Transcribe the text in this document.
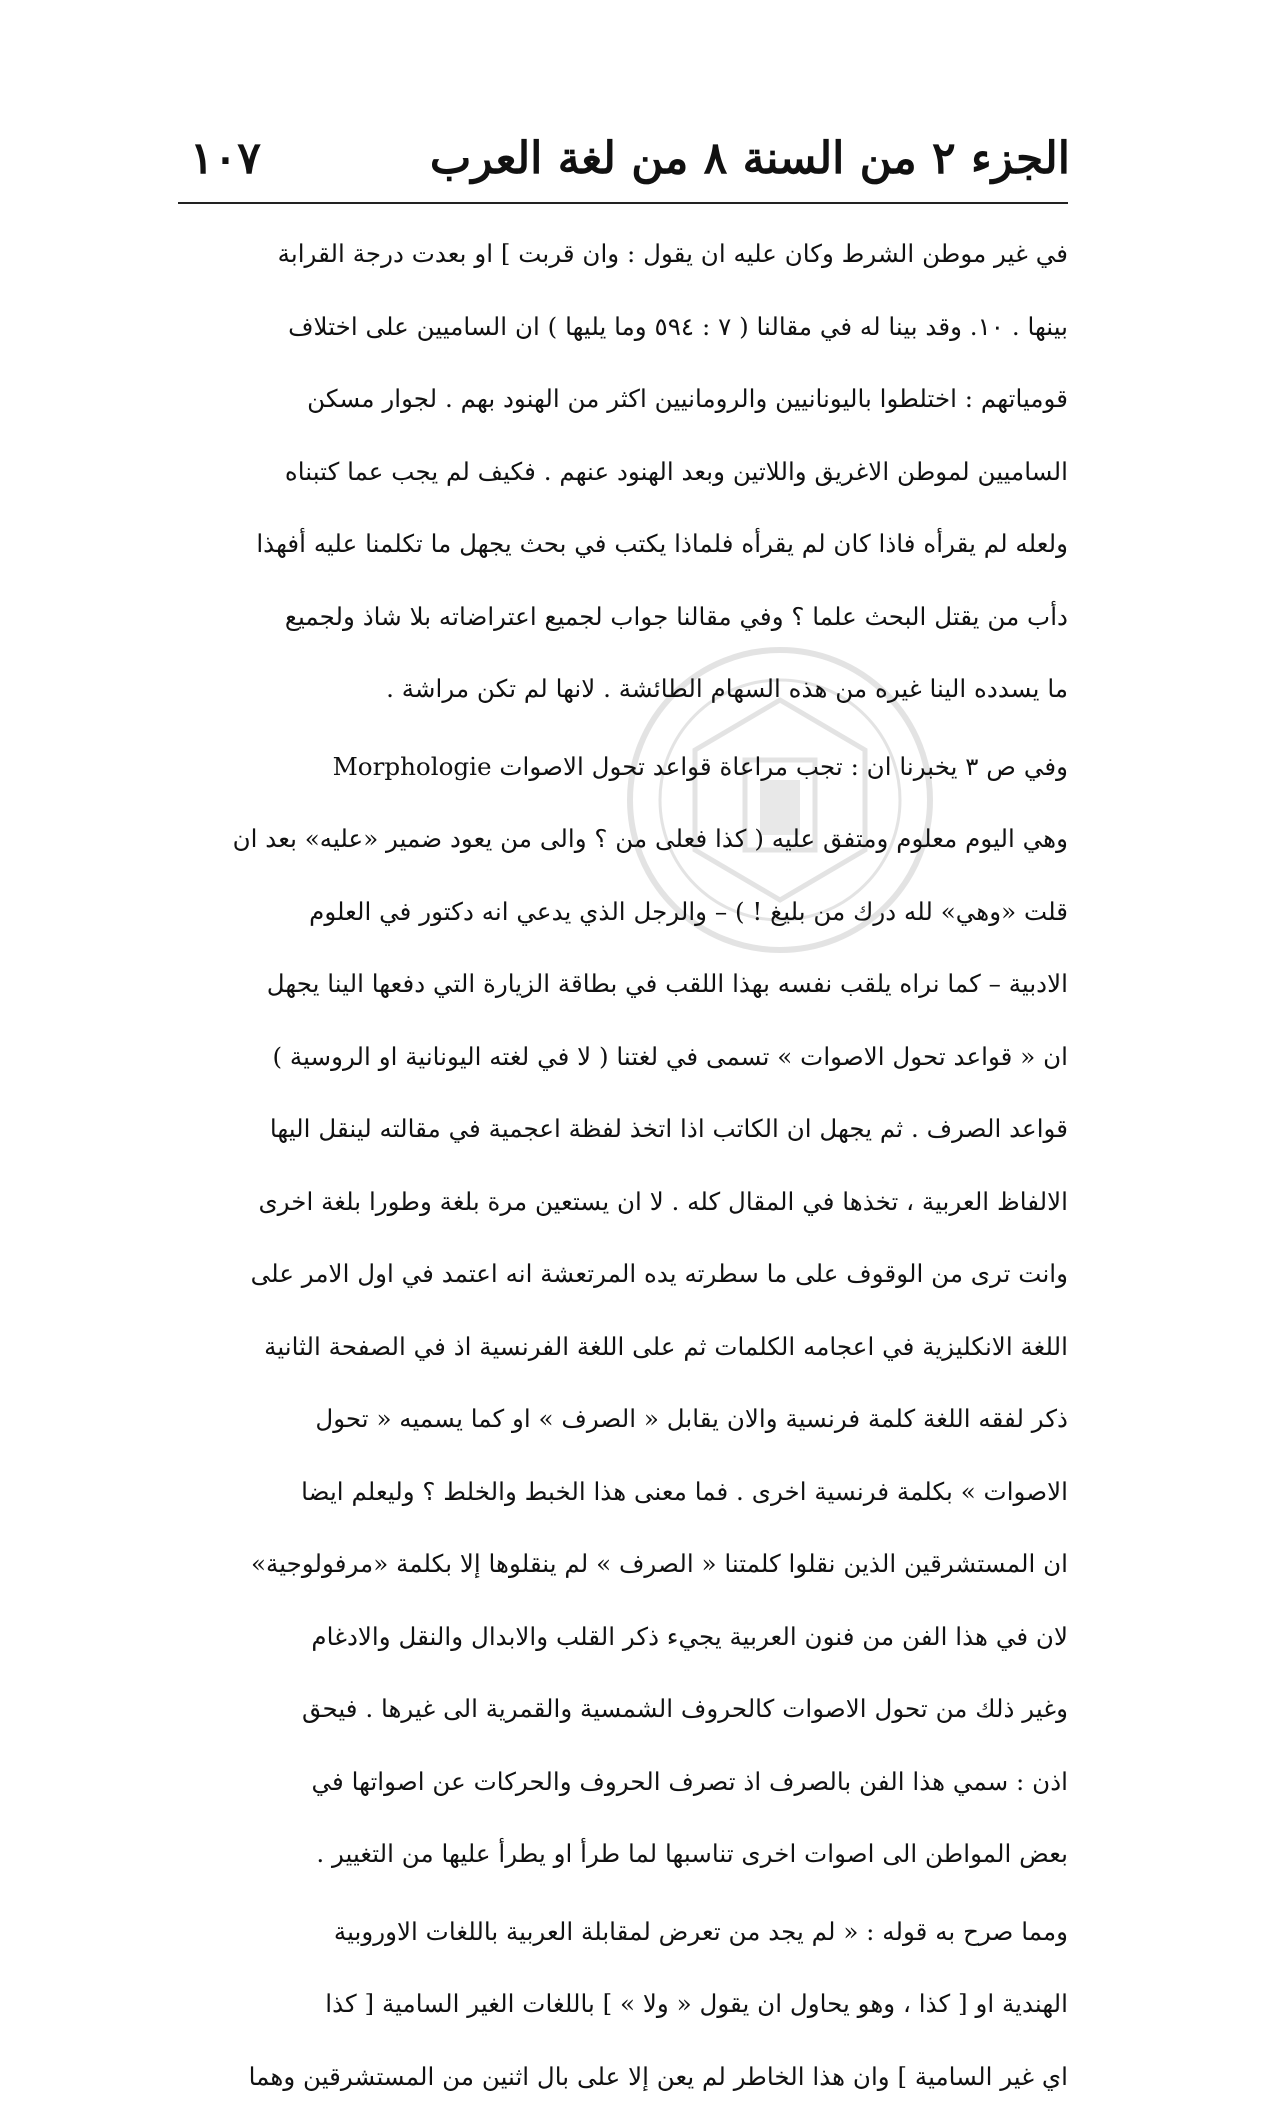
١٠٧	الجزء ٢ من السنة ٨ من لغة العرب
في غير موطن الشرط وكان عليه ان يقول : وان قربت ] او بعدت درجة القرابة
بينها . ١٠. وقد بينا له في مقالنا ( ٧ : ٥٩٤ وما يليها ) ان الساميين على اختلاف
قومياتهم : اختلطوا باليونانيين والرومانيين اكثر من الهنود بهم . لجوار مسكن
الساميين لموطن الاغريق واللاتين وبعد الهنود عنهم . فكيف لم يجب عما كتبناه
ولعله لم يقرأه فاذا كان لم يقرأه فلماذا يكتب في بحث يجهل ما تكلمنا عليه أفهذا
دأب من يقتل البحث علما ؟ وفي مقالنا جواب لجميع اعتراضاته بلا شاذ ولجميع
ما يسدده الينا غيره من هذه السهام الطائشة . لانها لم تكن مراشة .
وفي ص ٣ يخبرنا ان : تجب مراعاة قواعد تحول الاصوات Morphologie
وهي اليوم معلوم ومتفق عليه ( كذا فعلى من ؟ والى من يعود ضمير «عليه» بعد ان
قلت «وهي» لله درك من بليغ ! ) – والرجل الذي يدعي انه دكتور في العلوم
الادبية – كما نراه يلقب نفسه بهذا اللقب في بطاقة الزيارة التي دفعها الينا يجهل
ان « قواعد تحول الاصوات » تسمى في لغتنا ( لا في لغته اليونانية او الروسية )
قواعد الصرف . ثم يجهل ان الكاتب اذا اتخذ لفظة اعجمية في مقالته لينقل اليها
الالفاظ العربية ، تخذها في المقال كله . لا ان يستعين مرة بلغة وطورا بلغة اخرى
وانت ترى من الوقوف على ما سطرته يده المرتعشة انه اعتمد في اول الامر على
اللغة الانكليزية في اعجامه الكلمات ثم على اللغة الفرنسية اذ في الصفحة الثانية
ذكر لفقه اللغة كلمة فرنسية والان يقابل « الصرف » او كما يسميه « تحول
الاصوات » بكلمة فرنسية اخرى . فما معنى هذا الخبط والخلط ؟ وليعلم ايضا
ان المستشرقين الذين نقلوا كلمتنا « الصرف » لم ينقلوها إلا بكلمة «مرفولوجية»
لان في هذا الفن من فنون العربية يجيء ذكر القلب والابدال والنقل والادغام
وغير ذلك من تحول الاصوات كالحروف الشمسية والقمرية الى غيرها . فيحق
اذن : سمي هذا الفن بالصرف اذ تصرف الحروف والحركات عن اصواتها في
بعض المواطن الى اصوات اخرى تناسبها لما طرأ او يطرأ عليها من التغيير .
ومما صرح به قوله : « لم يجد من تعرض لمقابلة العربية باللغات الاوروبية
الهندية او [ كذا ، وهو يحاول ان يقول « ولا » ] باللغات الغير السامية [ كذا
اي غير السامية ] وان هذا الخاطر لم يعن إلا على بال اثنين من المستشرقين وهما
